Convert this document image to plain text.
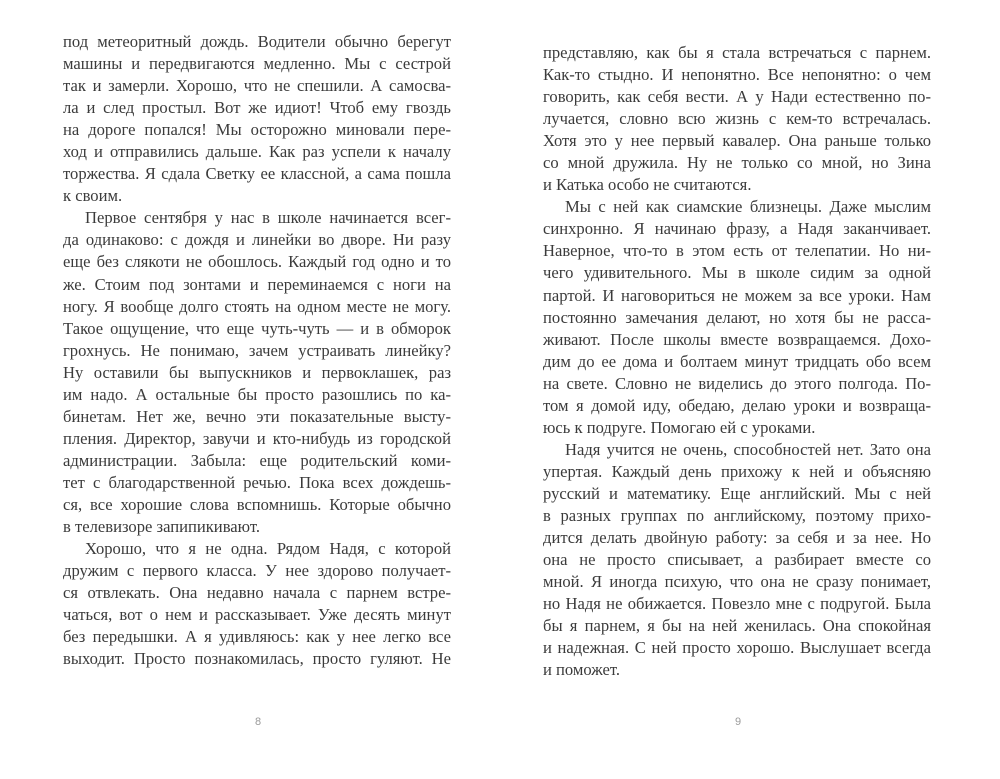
под метеоритный дождь. Водители обычно берегут
машины и передвигаются медленно. Мы с сестрой
так и замерли. Хорошо, что не спешили. А самосва-
ла и след простыл. Вот же идиот! Чтоб ему гвоздь
на дороге попался! Мы осторожно миновали пере-
ход и отправились дальше. Как раз успели к началу
торжества. Я сдала Светку ее классной, а сама пошла
к своим.
Первое сентября у нас в школе начинается всег-
да одинаково: с дождя и линейки во дворе. Ни разу
еще без слякоти не обошлось. Каждый год одно и то
же. Стоим под зонтами и переминаемся с ноги на
ногу. Я вообще долго стоять на одном месте не могу.
Такое ощущение, что еще чуть-чуть — и в обморок
грохнусь. Не понимаю, зачем устраивать линейку?
Ну оставили бы выпускников и первоклашек, раз
им надо. А остальные бы просто разошлись по ка-
бинетам. Нет же, вечно эти показательные высту-
пления. Директор, завучи и кто-нибудь из городской
администрации. Забыла: еще родительский коми-
тет с благодарственной речью. Пока всех дождешь-
ся, все хорошие слова вспомнишь. Которые обычно
в телевизоре запипикивают.
Хорошо, что я не одна. Рядом Надя, с которой
дружим с первого класса. У нее здорово получает-
ся отвлекать. Она недавно начала с парнем встре-
чаться, вот о нем и рассказывает. Уже десять минут
без передышки. А я удивляюсь: как у нее легко все
выходит. Просто познакомилась, просто гуляют. Не
представляю, как бы я стала встречаться с парнем.
Как-то стыдно. И непонятно. Все непонятно: о чем
говорить, как себя вести. А у Нади естественно по-
лучается, словно всю жизнь с кем-то встречалась.
Хотя это у нее первый кавалер. Она раньше только
со мной дружила. Ну не только со мной, но Зина
и Катька особо не считаются.
Мы с ней как сиамские близнецы. Даже мыслим
синхронно. Я начинаю фразу, а Надя заканчивает.
Наверное, что-то в этом есть от телепатии. Но ни-
чего удивительного. Мы в школе сидим за одной
партой. И наговориться не можем за все уроки. Нам
постоянно замечания делают, но хотя бы не расса-
живают. После школы вместе возвращаемся. Дохо-
дим до ее дома и болтаем минут тридцать обо всем
на свете. Словно не виделись до этого полгода. По-
том я домой иду, обедаю, делаю уроки и возвраща-
юсь к подруге. Помогаю ей с уроками.
Надя учится не очень, способностей нет. Зато она
упертая. Каждый день прихожу к ней и объясняю
русский и математику. Еще английский. Мы с ней
в разных группах по английскому, поэтому прихо-
дится делать двойную работу: за себя и за нее. Но
она не просто списывает, а разбирает вместе со
мной. Я иногда психую, что она не сразу понимает,
но Надя не обижается. Повезло мне с подругой. Была
бы я парнем, я бы на ней женилась. Она спокойная
и надежная. С ней просто хорошо. Выслушает всегда
и поможет.
8	9
